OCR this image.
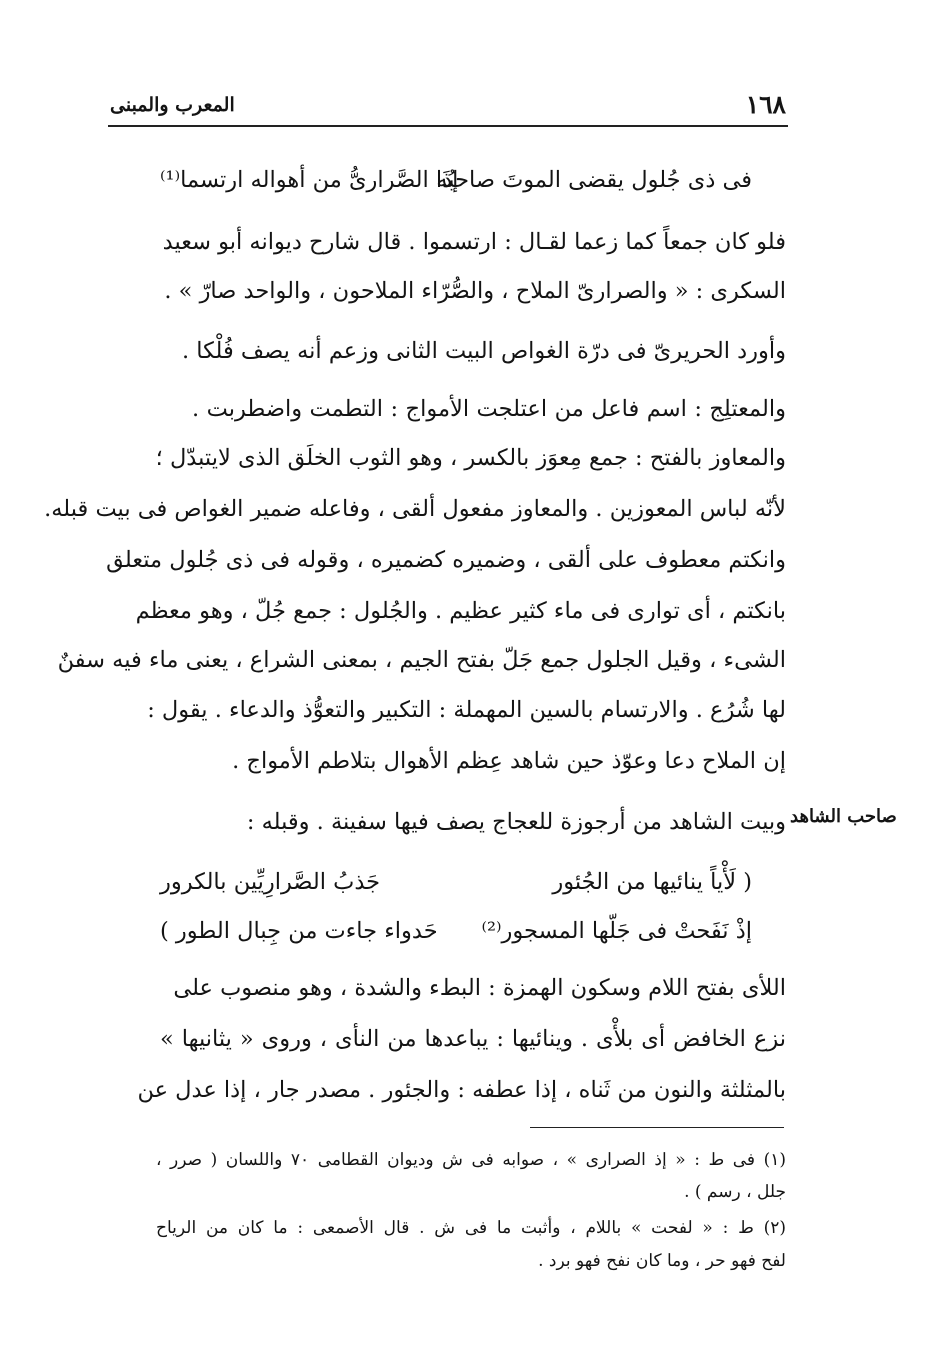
١٦٨
المعرب والمبنى
فى ذى جُلول يقضى الموتَ صاحبُه
إذَا الصَّرارىُّ من أهواله ارتسما⁽¹⁾
فلو كان جمعاً كما زعما لقـال : ارتسموا . قال شارح ديوانه أبو سعيد
السكرى : « والصرارىّ الملاح ، والصُّرّاء الملاحون ، والواحد صارّ » .
وأورد الحريرىّ فى درّة الغواص البيت الثانى وزعم أنه يصف فُلْكا .
والمعتلِج : اسم فاعل من اعتلجت الأمواج : التطمت واضطربت .
والمعاوز بالفتح : جمع مِعوَز بالكسر ، وهو الثوب الخلَق الذى لايتبدّل ؛
لأنّه لباس المعوزين . والمعاوز مفعول ألقى ، وفاعله ضمير الغواص فى بيت قبله.
وانكتم معطوف على ألقى ، وضميره كضميره ، وقوله فى ذى جُلول متعلق
بانكتم ، أى توارى فى ماء كثير عظيم . والجُلول : جمع جُلّ ، وهو معظم
الشىء ، وقيل الجلول جمع جَلّ بفتح الجيم ، بمعنى الشراع ، يعنى ماء فيه سفنٌ
لها شُرُع . والارتسام بالسين المهملة : التكبير والتعوُّذ والدعاء . يقول :
إن الملاح دعا وعوّذ حين شاهد عِظم الأهوال بتلاطم الأمواج .
صاحب الشاهد
وبيت الشاهد من أرجوزة للعجاج يصف فيها سفينة . وقبله :
( لَأْياً ينائيها من الجُئور
جَذبُ الصَّرارِيِّين بالكرور
إذْ نَفَحتْ فى جَلّها المسجور⁽²⁾
حَدواء جاءت من جِبال الطور )
اللأى بفتح اللام وسكون الهمزة : البطء والشدة ، وهو منصوب على
نزع الخافض أى بلأْى . وينائيها : يباعدها من النأى ، وروى « يثانيها »
بالمثلثة والنون من ثَناه ، إذا عطفه : والجئور . مصدر جار ، إذا عدل عن
(١) فى ط : « إذ الصرارى » ، صوابه فى ش وديوان القطامى ٧٠ واللسان ( صرر ،
جلل ، رسم ) .
(٢) ط : « لفحت » باللام ، وأثبت ما فى ش . قال الأصمعى : ما كان من الرياح
لفح فهو حر ، وما كان نفح فهو برد .
